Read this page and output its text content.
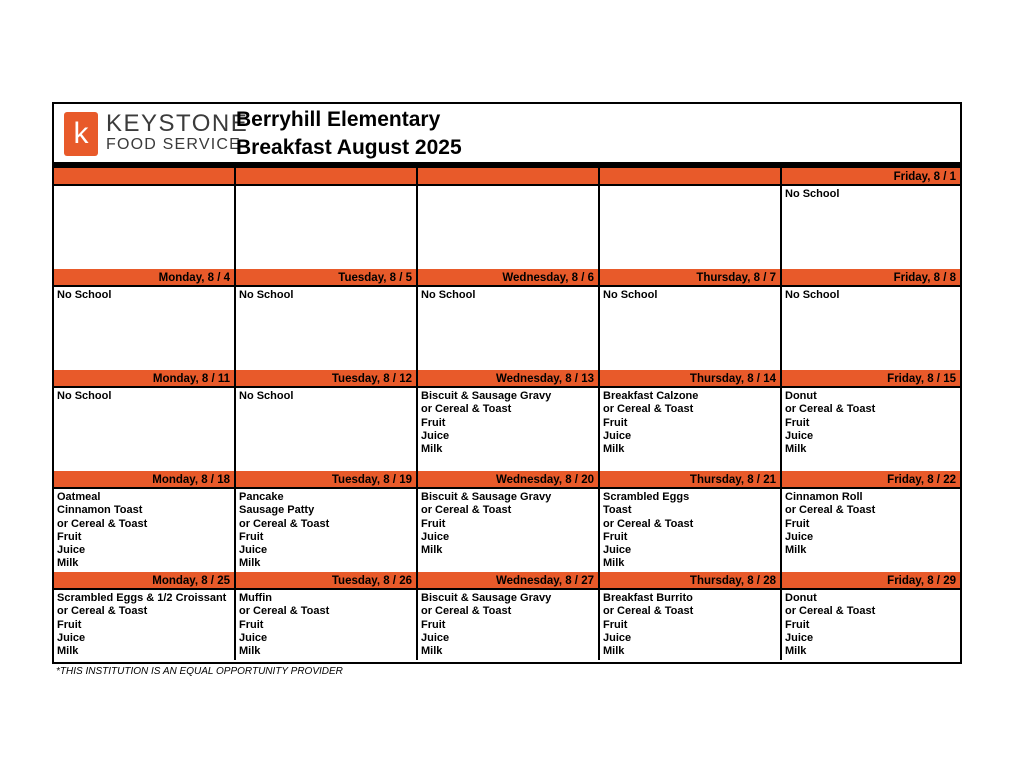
k KEYSTONE
FOOD SERVICE
Berryhill Elementary
Breakfast August 2025
Friday, 8 / 1
No School
Monday, 8 / 4
No School
Tuesday, 8 / 5
No School
Wednesday, 8 / 6
No School
Thursday, 8 / 7
No School
Friday, 8 / 8
No School
Monday, 8 / 11
No School
Tuesday, 8 / 12
No School
Wednesday, 8 / 13
Biscuit & Sausage Gravy
or Cereal & Toast
Fruit
Juice
Milk
Thursday, 8 / 14
Breakfast Calzone
or Cereal & Toast
Fruit
Juice
Milk
Friday, 8 / 15
Donut
or Cereal & Toast
Fruit
Juice
Milk
Monday, 8 / 18
Oatmeal
Cinnamon Toast
or Cereal & Toast
Fruit
Juice
Milk
Tuesday, 8 / 19
Pancake
Sausage Patty
or Cereal & Toast
Fruit
Juice
Milk
Wednesday, 8 / 20
Biscuit & Sausage Gravy
or Cereal & Toast
Fruit
Juice
Milk
Thursday, 8 / 21
Scrambled Eggs
Toast
or Cereal & Toast
Fruit
Juice
Milk
Friday, 8 / 22
Cinnamon Roll
or Cereal & Toast
Fruit
Juice
Milk
Monday, 8 / 25
Scrambled Eggs & 1/2 Croissant
or Cereal & Toast
Fruit
Juice
Milk
Tuesday, 8 / 26
Muffin
or Cereal & Toast
Fruit
Juice
Milk
Wednesday, 8 / 27
Biscuit & Sausage Gravy
or Cereal & Toast
Fruit
Juice
Milk
Thursday, 8 / 28
Breakfast Burrito
or Cereal & Toast
Fruit
Juice
Milk
Friday, 8 / 29
Donut
or Cereal & Toast
Fruit
Juice
Milk
*THIS INSTITUTION IS AN EQUAL OPPORTUNITY PROVIDER
